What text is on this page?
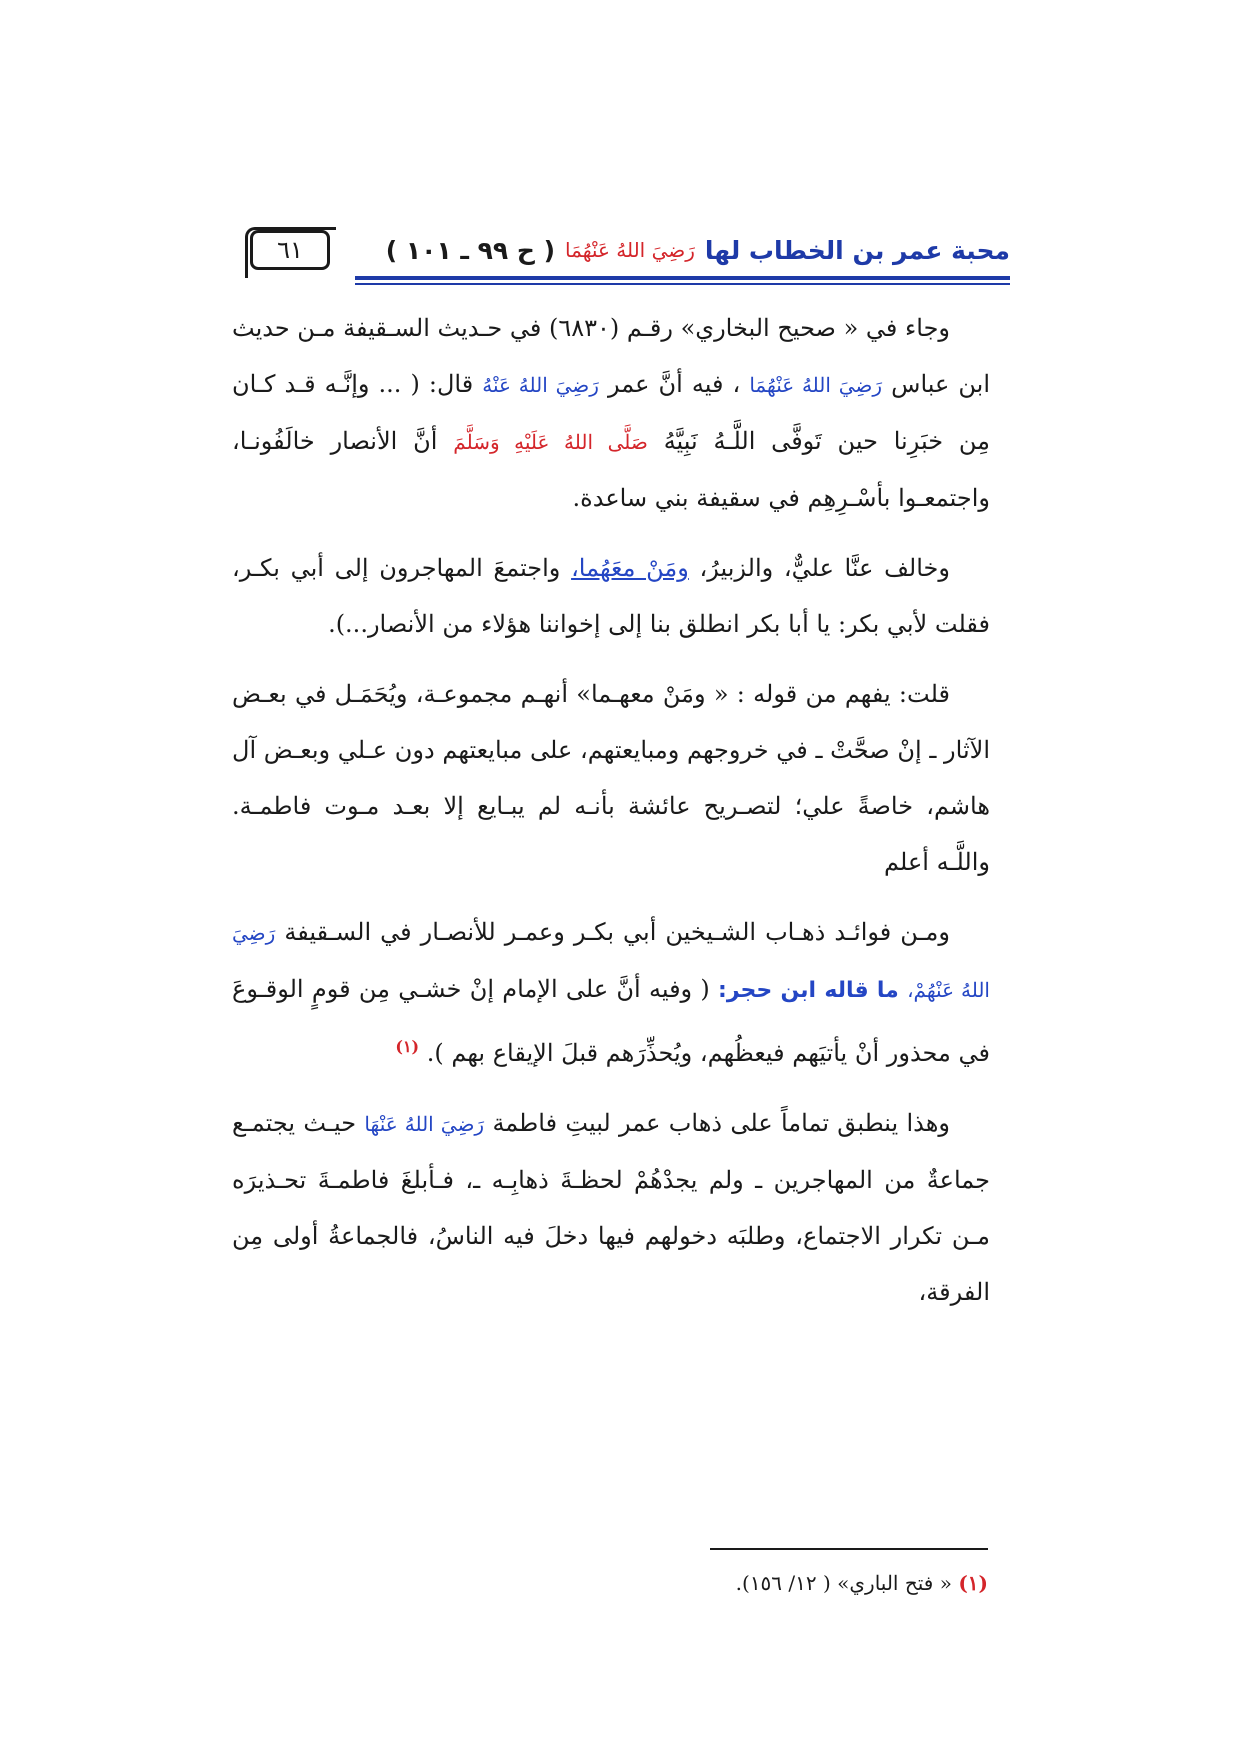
٦١	محبة عمر بن الخطاب لها
رَضِيَ اللهُ عَنْهُمَا
( ح ٩٩ ـ ١٠١ )

وجاء في « صحيح البخاري» رقـم (٦٨٣٠) في حـديث السـقيفة مـن حديث ابن عباس رَضِيَ اللهُ عَنْهُمَا ، فيه أنَّ عمر رَضِيَ اللهُ عَنْهُ قال: ( ... وإنَّـه قـد كـان مِن خبَرِنا حين تَوفَّى اللَّـهُ نَبِيَّهُ صَلَّى اللهُ عَلَيْهِ وَسَلَّمَ أنَّ الأنصار خالَفُونـا، واجتمعـوا بأسْـرِهِم في سقيفة بني ساعدة.

وخالف عنَّا عليٌّ، والزبيرُ، ومَنْ معَهُما، واجتمعَ المهاجرون إلى أبي بكـر، فقلت لأبي بكر: يا أبا بكر انطلق بنا إلى إخواننا هؤلاء من الأنصار...).

قلت: يفهم من قوله : « ومَنْ معهـما» أنهـم مجموعـة، ويُحَمَـل في بعـض الآثار ـ إنْ صحَّتْ ـ في خروجهم ومبايعتهم، على مبايعتهم دون عـلي وبعـض آل هاشم، خاصةً علي؛ لتصـريح عائشة بأنـه لم يبـايع إلا بعـد مـوت فاطمـة. واللَّـه أعلم

ومـن فوائـد ذهـاب الشـيخين أبي بكـر وعمـر للأنصـار في السـقيفة رَضِيَ اللهُ عَنْهُمْ، ما قاله ابن حجر: ( وفيه أنَّ على الإمام إنْ خشـي مِن قومٍ الوقـوعَ في محذور أنْ يأتيَهم فيعظُهم، ويُحذِّرَهم قبلَ الإيقاع بهم ). $^{(١)}$

وهذا ينطبق تماماً على ذهاب عمر لبيتِ فاطمة رَضِيَ اللهُ عَنْهَا حيـث يجتمـع جماعةٌ من المهاجرين ـ ولم يجدْهُمْ لحظـةَ ذهابِـه ـ، فـأبلغَ فاطمـةَ تحـذيرَه مـن تكرار الاجتماع، وطلبَه دخولهم فيها دخلَ فيه الناسُ، فالجماعةُ أولى مِن الفرقة،

(١) « فتح الباري» ( ١٢/ ١٥٦).
